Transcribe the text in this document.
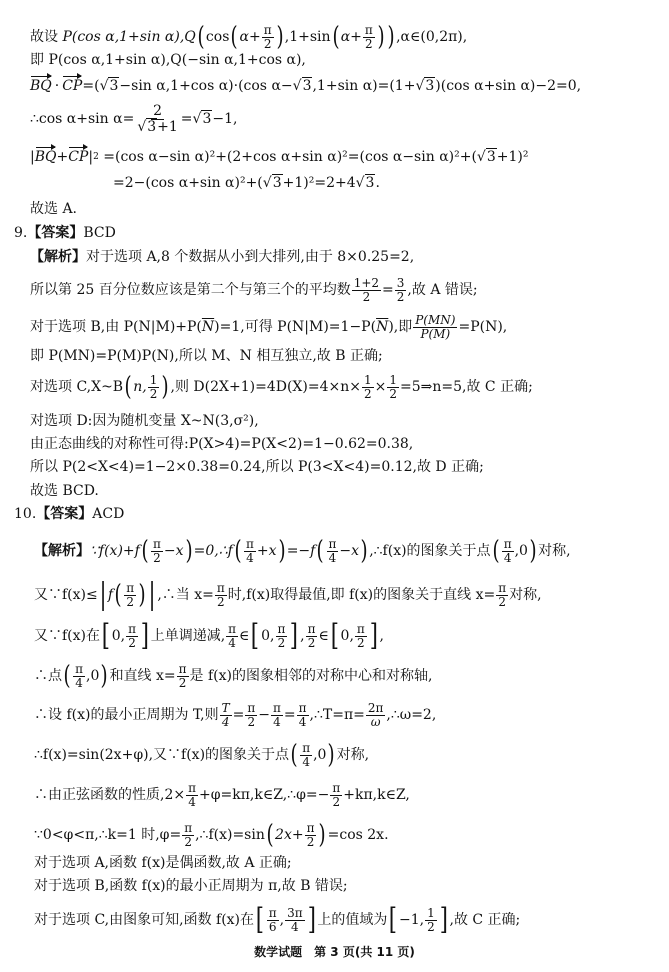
故设
P(cos α,1+sin α), Q ( cos ( $\alpha+ \frac{\pi}{2}$ ) ,1+sin ( $\alpha+ \frac{\pi}{2}$ ) ) ,α∈(0,2π),
即 P(cos α,1+sin α),Q(−sin α,1+cos α),
BQ · CP =( √3 −sin α,1+cos α)·(cos α− √3 ,1+sin α)=(1+ √3 )(cos α+sin α)−2=0,
∴cos α+sin $\alpha= \frac{2}{√3+1} = √3 -1$,
| BQ + CP | 2
=(cos α−sin α)²+(2+cos α+sin α)²=(cos α−sin α)²+( √3 +1)²
=2−(cos α+sin α)²+( √3 +1)²=2+4 √3 .
故选 A.
9. 【答案】 BCD
【解析】 对于选项 A,8 个数据从小到大排列,由于 8×0.25=2,
所以第 25 百分位数应该是第二个与第三个的平均数 $\frac{1+2}{2} = \frac{3}{2}$ ,故 A 错误;
对于选项 B,由 P(N|M)+P( $\overline{N}$ )=1,可得 P(N|M)=1−P( $\overline{N}$ ),即 $\frac{P(MN)}{P(M)} =P(N)$,
即 P(MN)=P(M)P(N),所以 M、N 相互独立,故 B 正确;
对选项 C,X~B ( n, $\frac{1}{2}$ ) ,则 $D(2X+1)=4D(X)=4\times n\times \frac{1}{2} \times \frac{1}{2}$ =5⇒n=5,故 C 正确;
对选项 D:因为随机变量 X~N(3,σ²),
由正态曲线的对称性可得:P(X>4)=P(X<2)=1−0.62=0.38,
所以 P(2<X<4)=1−2×0.38=0.24,所以 P(3<X<4)=0.12,故 D 正确;
故选 BCD.
10. 【答案】 ACD
【解析】 ∵f(x)+f ( $\frac{\pi}{2} -x$ ) =0,∴f ( $\frac{\pi}{4} +x$ ) =−f ( $\frac{\pi}{4} -x$ ) ,∴f(x)的图象关于点 ( $\frac{\pi}{4} ,0$ ) 对称,
又∵f(x)≤ | f ( $\frac{\pi}{2}$ ) | ,∴当 $x= \frac{\pi}{2}$ 时,f(x)取得最值,即 f(x)的图象关于直线 $x= \frac{\pi}{2}$ 对称,
又∵f(x)在 [ 0, $\frac{\pi}{2}$ ] 上单调递减, $\frac{\pi}{4}$ ∈ [ 0, $\frac{\pi}{2}$ ] , $\frac{\pi}{2}$ ∈ [ 0, $\frac{\pi}{2}$ ] ,
∴点 ( $\frac{\pi}{4} ,0$ ) 和直线 $x= \frac{\pi}{2}$ 是 f(x)的图象相邻的对称中心和对称轴,
∴设 f(x)的最小正周期为 T,则 $\frac{T}{4} = \frac{\pi}{2} - \frac{\pi}{4} = \frac{\pi}{4}$ ,∴T=π= $\frac{2\pi}{\omega}$ ,∴ω=2,
∴f(x)=sin(2x+φ),又∵f(x)的图象关于点 ( $\frac{\pi}{4} ,0$ ) 对称,
∴由正弦函数的性质$,2\times \frac{\pi}{4}$ +φ=kπ,k∈Z,∴φ=− $\frac{\pi}{2}$ +kπ,k∈Z,
∵0<φ<π,∴k=1 时$,\varphi= \frac{\pi}{2}$ ,∴f(x)=sin ( $2x+ \frac{\pi}{2}$ ) =cos 2x.
对于选项 A,函数 f(x)是偶函数,故 A 正确;
对于选项 B,函数 f(x)的最小正周期为 π,故 B 错误;
对于选项 C,由图象可知,函数 f(x)在 [ $\frac{\pi}{6}$ , $\frac{3\pi}{4}$ ] 上的值域为 [ −1, $\frac{1}{2}$ ] ,故 C 正确;
数学试题　第 3 页(共 11 页)
